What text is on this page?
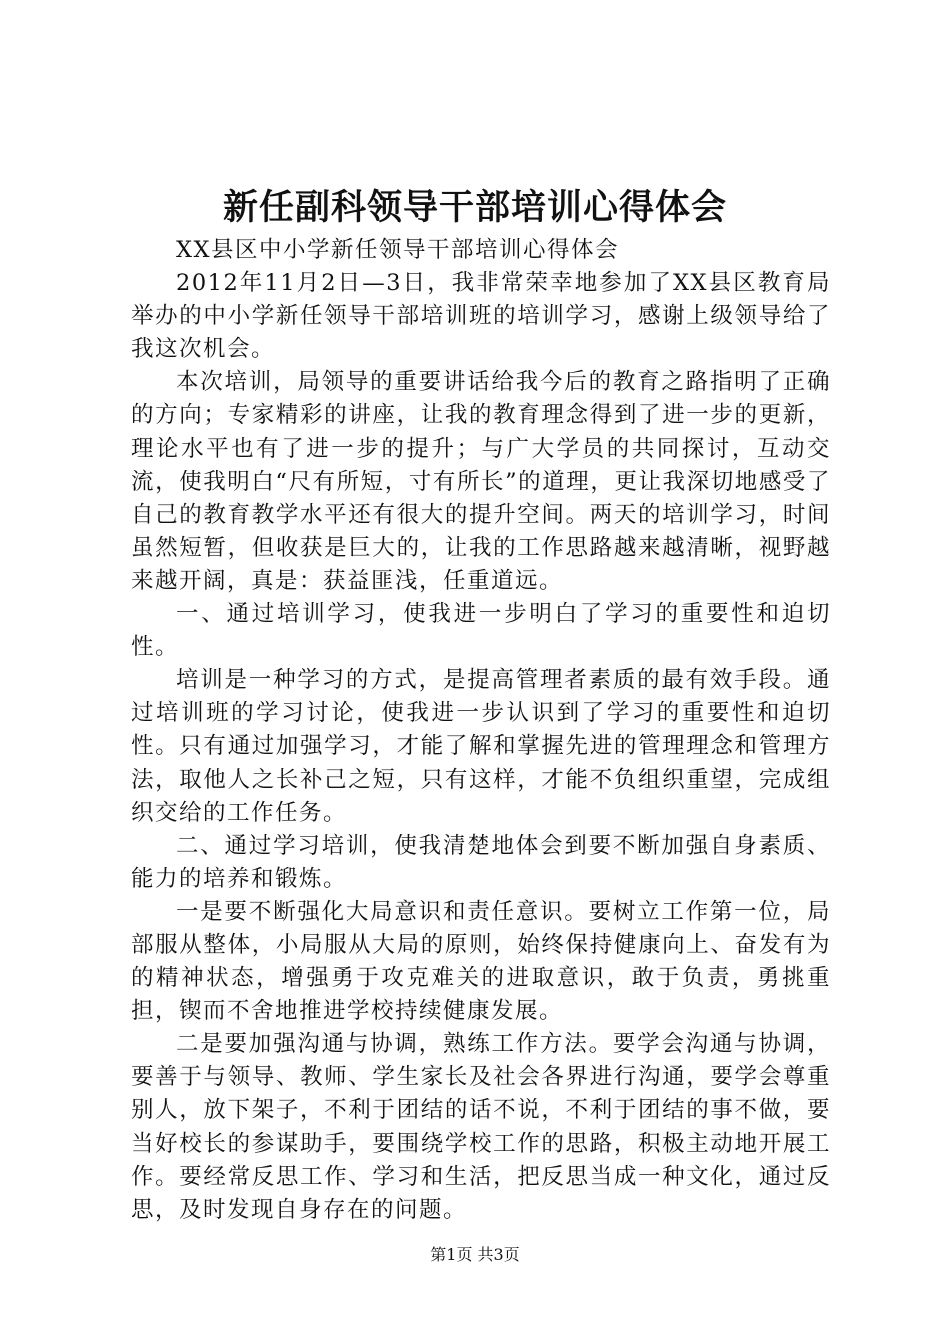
新任副科领导干部培训心得体会

XX县区中小学新任领导干部培训心得体会

2012年11月2日—3日，我非常荣幸地参加了XX县区教育局举办的中小学新任领导干部培训班的培训学习，感谢上级领导给了我这次机会。

本次培训，局领导的重要讲话给我今后的教育之路指明了正确的方向；专家精彩的讲座，让我的教育理念得到了进一步的更新，理论水平也有了进一步的提升；与广大学员的共同探讨，互动交流，使我明白“尺有所短，寸有所长”的道理，更让我深切地感受了自己的教育教学水平还有很大的提升空间。两天的培训学习，时间虽然短暂，但收获是巨大的，让我的工作思路越来越清晰，视野越来越开阔，真是：获益匪浅，任重道远。

一、通过培训学习，使我进一步明白了学习的重要性和迫切性。

培训是一种学习的方式，是提高管理者素质的最有效手段。通过培训班的学习讨论，使我进一步认识到了学习的重要性和迫切性。只有通过加强学习，才能了解和掌握先进的管理理念和管理方法，取他人之长补己之短，只有这样，才能不负组织重望，完成组织交给的工作任务。

二、通过学习培训，使我清楚地体会到要不断加强自身素质、能力的培养和锻炼。

一是要不断强化大局意识和责任意识。要树立工作第一位，局部服从整体，小局服从大局的原则，始终保持健康向上、奋发有为的精神状态，增强勇于攻克难关的进取意识，敢于负责，勇挑重担，锲而不舍地推进学校持续健康发展。

二是要加强沟通与协调，熟练工作方法。要学会沟通与协调，要善于与领导、教师、学生家长及社会各界进行沟通，要学会尊重别人，放下架子，不利于团结的话不说，不利于团结的事不做，要当好校长的参谋助手，要围绕学校工作的思路，积极主动地开展工作。要经常反思工作、学习和生活，把反思当成一种文化，通过反思，及时发现自身存在的问题。

第1页 共3页
